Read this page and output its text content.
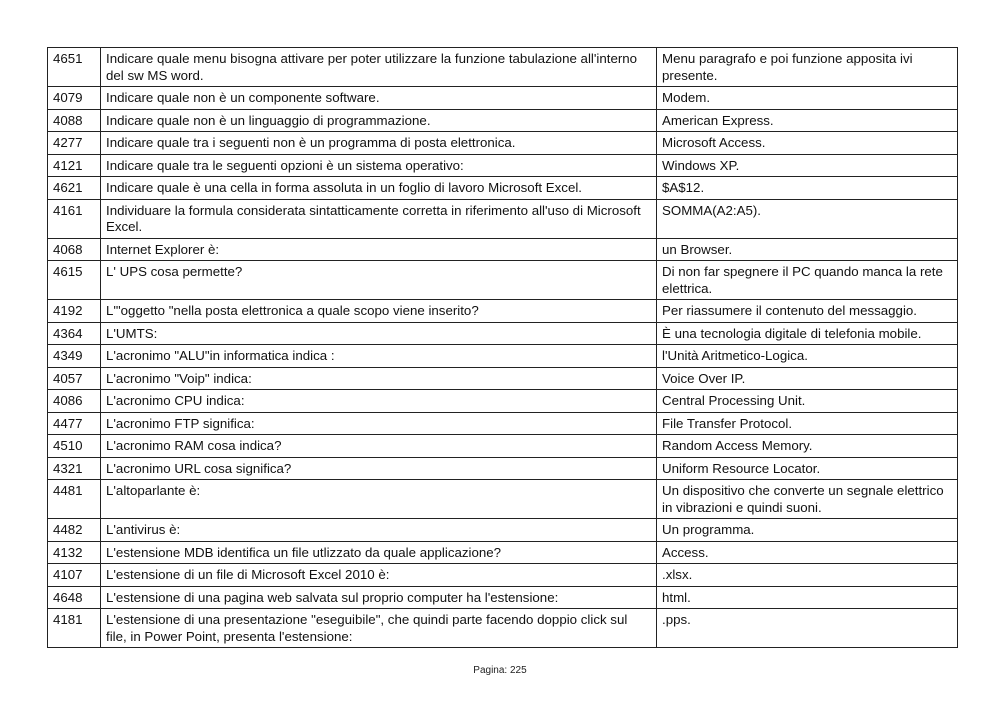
4651	Indicare quale menu bisogna attivare per poter utilizzare la funzione tabulazione all'interno del sw MS word.	Menu paragrafo e poi funzione apposita ivi presente.
4079	Indicare quale non è un componente software.	Modem.
4088	Indicare quale non è un linguaggio di programmazione.	American Express.
4277	Indicare quale tra i seguenti non è un programma di posta elettronica.	Microsoft Access.
4121	Indicare quale tra le seguenti opzioni è un sistema operativo:	Windows XP.
4621	Indicare quale è una cella in forma assoluta in un foglio di lavoro Microsoft Excel.	$A$12.
4161	Individuare la formula considerata sintatticamente corretta in riferimento all'uso di Microsoft Excel.	SOMMA(A2:A5).
4068	Internet Explorer è:	un Browser.
4615	L' UPS cosa permette?	Di non far spegnere il PC quando manca la rete elettrica.
4192	L'"oggetto "nella posta elettronica a quale scopo viene inserito?	Per riassumere il contenuto del messaggio.
4364	L'UMTS:	È una tecnologia digitale di telefonia mobile.
4349	L'acronimo "ALU"in informatica indica :	l'Unità Aritmetico-Logica.
4057	L'acronimo "Voip" indica:	Voice Over IP.
4086	L'acronimo CPU indica:	Central Processing Unit.
4477	L'acronimo FTP significa:	File Transfer Protocol.
4510	L'acronimo RAM cosa indica?	Random Access Memory.
4321	L'acronimo URL cosa significa?	Uniform Resource Locator.
4481	L'altoparlante è:	Un dispositivo che converte un segnale elettrico in vibrazioni e quindi suoni.
4482	L'antivirus è:	Un programma.
4132	L'estensione MDB identifica un file utlizzato da quale applicazione?	Access.
4107	L'estensione di un file di Microsoft Excel 2010 è:	.xlsx.
4648	L'estensione di una pagina web salvata sul proprio computer ha l'estensione:	html.
4181	L'estensione di una presentazione "eseguibile", che quindi parte facendo doppio click sul file, in Power Point, presenta l'estensione:	.pps.
Pagina: 225
